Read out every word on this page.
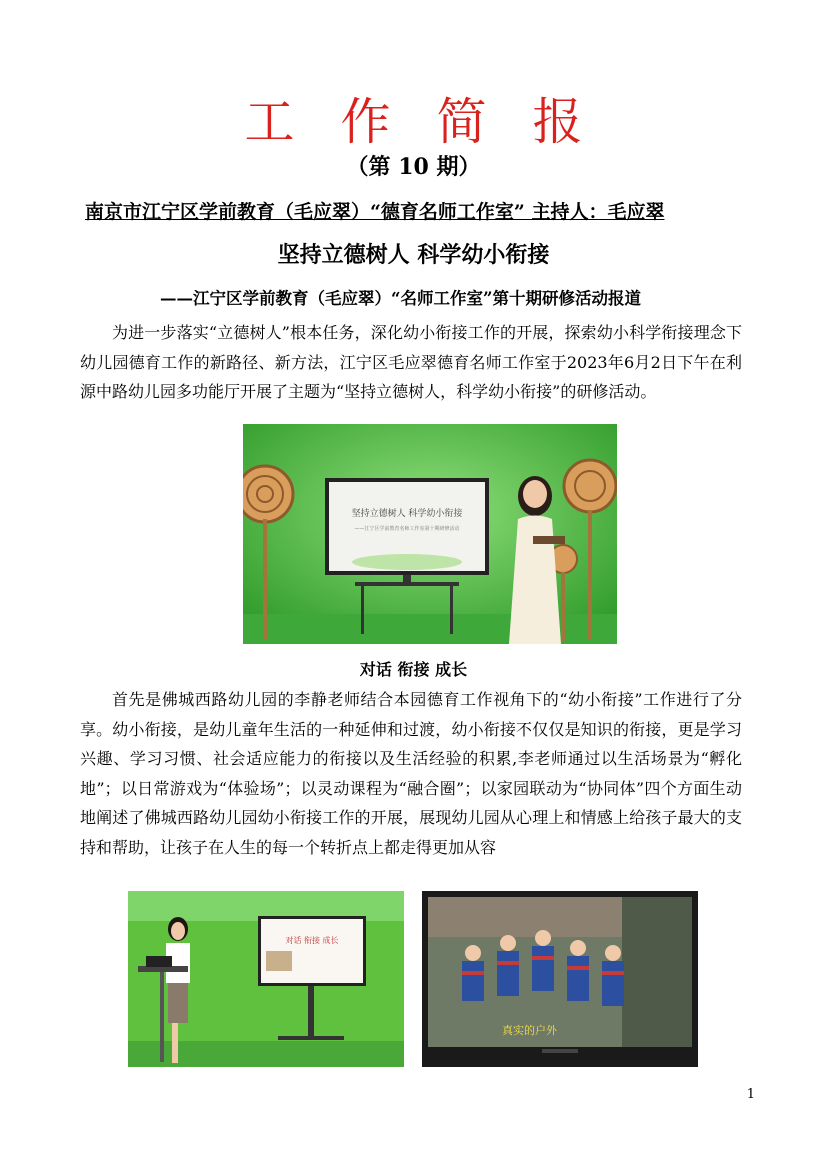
工作简报
（第 10 期）
南京市江宁区学前教育（毛应翠）“德育名师工作室” 主持人：毛应翠
坚持立德树人 科学幼小衔接
——江宁区学前教育（毛应翠）“名师工作室”第十期研修活动报道
为进一步落实“立德树人”根本任务，深化幼小衔接工作的开展，探索幼小科学衔接理念下幼儿园德育工作的新路径、新方法，江宁区毛应翠德育名师工作室于2023年6月2日下午在利源中路幼儿园多功能厅开展了主题为“坚持立德树人，科学幼小衔接”的研修活动。
坚持立德树人 科学幼小衔接
——江宁区学前教育名师工作室第十期研修活动
对话 衔接 成长
首先是佛城西路幼儿园的李静老师结合本园德育工作视角下的“幼小衔接”工作进行了分享。幼小衔接，是幼儿童年生活的一种延伸和过渡，幼小衔接不仅仅是知识的衔接，更是学习兴趣、学习习惯、社会适应能力的衔接以及生活经验的积累,李老师通过以生活场景为“孵化地”；以日常游戏为“体验场”；以灵动课程为“融合圈”；以家园联动为“协同体”四个方面生动地阐述了佛城西路幼儿园幼小衔接工作的开展，展现幼儿园从心理上和情感上给孩子最大的支持和帮助，让孩子在人生的每一个转折点上都走得更加从容
对话 衔接 成长
真实的户外
1
